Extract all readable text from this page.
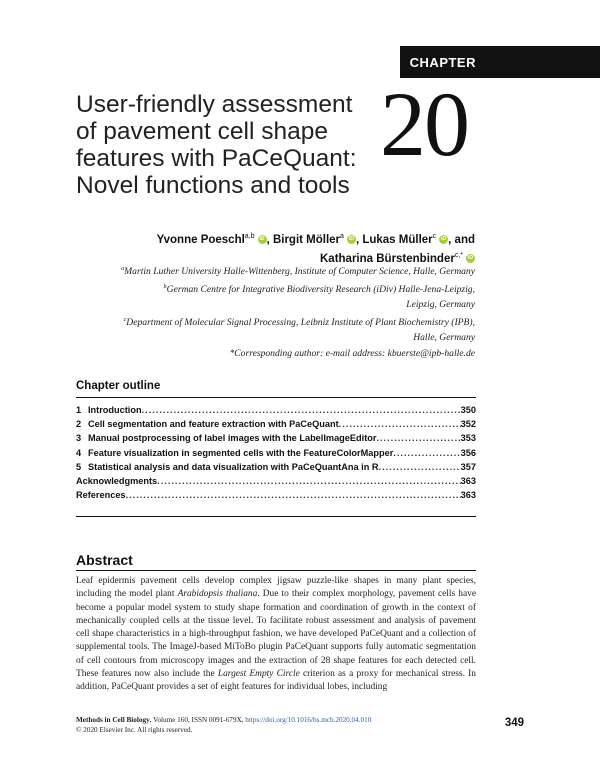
CHAPTER
User-friendly assessment
of pavement cell shape
features with PaCeQuant:
Novel functions and tools
20
Yvonne Poeschl$^{a,b}$ iD , Birgit Möller$^a$ iD , Lukas Müller$^c$ iD , and
Katharina Bürstenbinder$^{c,*}$ iD
$^a$Martin Luther University Halle-Wittenberg, Institute of Computer Science, Halle, Germany
$^b$German Centre for Integrative Biodiversity Research (iDiv) Halle-Jena-Leipzig,
Leipzig, Germany
$^c$Department of Molecular Signal Processing, Leibniz Institute of Plant Biochemistry (IPB),
Halle, Germany
*Corresponding author: e-mail address: kbuerste@ipb-halle.de
Chapter outline
1 Introduction .....	350
2 Cell segmentation and feature extraction with PaCeQuant .....	352
3 Manual postprocessing of label images with the LabelImageEditor .....	353
4 Feature visualization in segmented cells with the FeatureColorMapper .....	356
5 Statistical analysis and data visualization with PaCeQuantAna in R .....	357
Acknowledgments .....	363
References .....	363
Abstract
Leaf epidermis pavement cells develop complex jigsaw puzzle-like shapes in many plant species, including the model plant Arabidopsis thaliana. Due to their complex morphology, pavement cells have become a popular model system to study shape formation and coordination of growth in the context of mechanically coupled cells at the tissue level. To facilitate robust assessment and analysis of pavement cell shape characteristics in a high-throughput fashion, we have developed PaCeQuant and a collection of supplemental tools. The ImageJ-based MiToBo plugin PaCeQuant supports fully automatic segmentation of cell contours from microscopy images and the extraction of 28 shape features for each detected cell. These features now also include the Largest Empty Circle criterion as a proxy for mechanical stress. In addition, PaCeQuant provides a set of eight features for individual lobes, including
Methods in Cell Biology, Volume 160, ISSN 0091-679X, https://doi.org/10.1016/bs.mcb.2020.04.010
© 2020 Elsevier Inc. All rights reserved.
349
